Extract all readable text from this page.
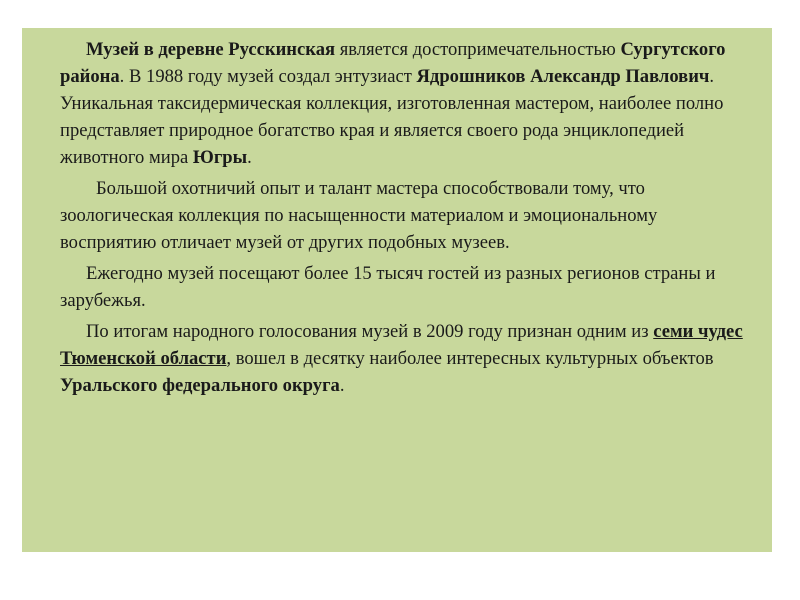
Музей в деревне Русскинская является достопримечательностью Сургутского района. В 1988 году музей создал энтузиаст Ядрошников Александр Павлович. Уникальная таксидермическая коллекция, изготовленная мастером, наиболее полно представляет природное богатство края и является своего рода энциклопедией животного мира Югры.

Большой охотничий опыт и талант мастера способствовали тому, что зоологическая коллекция по насыщенности материалом и эмоциональному восприятию отличает музей от других подобных музеев.

Ежегодно музей посещают более 15 тысяч гостей из разных регионов страны и зарубежья.

По итогам народного голосования музей в 2009 году признан одним из семи чудес Тюменской области, вошел в десятку наиболее интересных культурных объектов Уральского федерального округа.
